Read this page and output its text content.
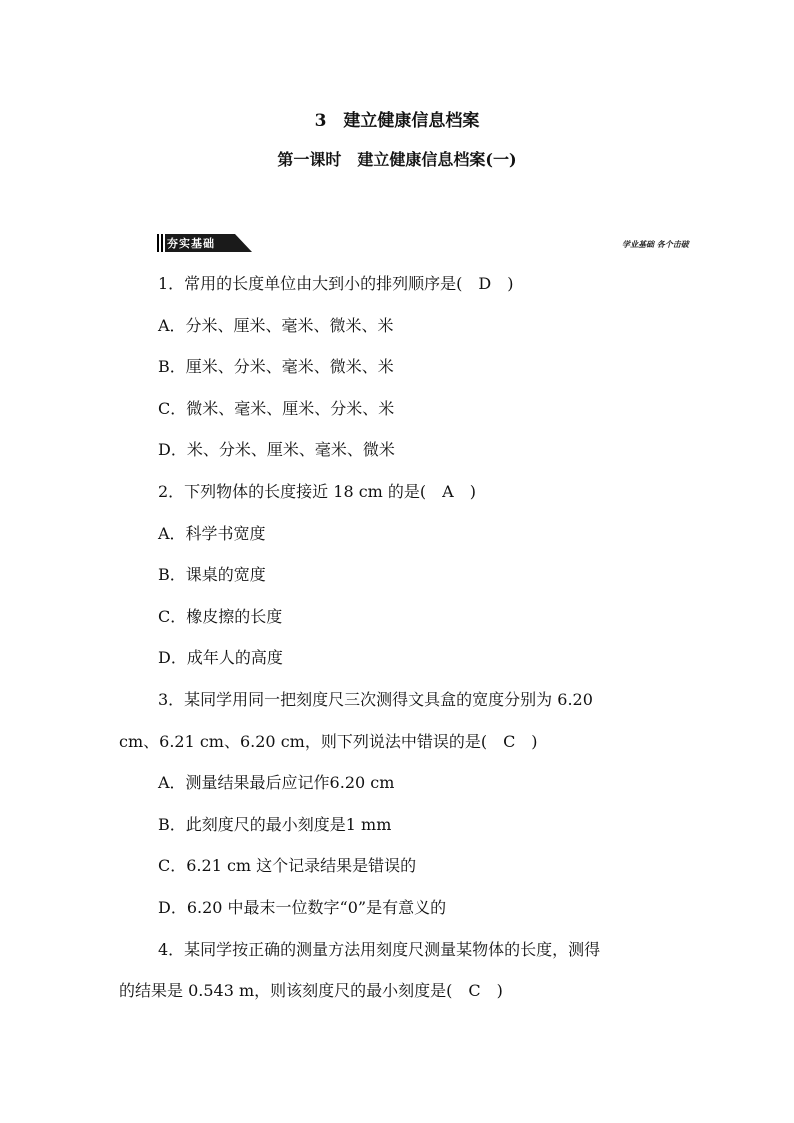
3　建立健康信息档案
第一课时　建立健康信息档案(一)
夯实基础	学业基础 各个击破
1．常用的长度单位由大到小的排列顺序是(　D　)
A．分米、厘米、毫米、微米、米
B．厘米、分米、毫米、微米、米
C．微米、毫米、厘米、分米、米
D．米、分米、厘米、毫米、微米
2．下列物体的长度接近 18 cm 的是(　A　)
A．科学书宽度
B．课桌的宽度
C．橡皮擦的长度
D．成年人的高度
3．某同学用同一把刻度尺三次测得文具盒的宽度分别为 6.20
cm、6.21 cm、6.20 cm，则下列说法中错误的是(　C　)
A．测量结果最后应记作6.20 cm
B．此刻度尺的最小刻度是1 mm
C．6.21 cm 这个记录结果是错误的
D．6.20 中最末一位数字“0”是有意义的
4．某同学按正确的测量方法用刻度尺测量某物体的长度，测得
的结果是 0.543 m，则该刻度尺的最小刻度是(　C　)
